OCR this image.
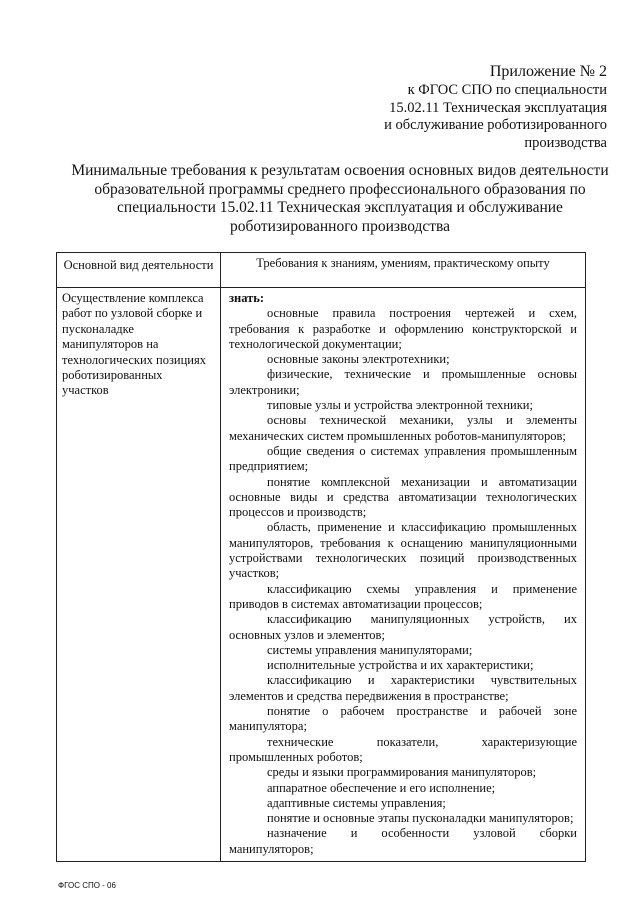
Приложение № 2
к ФГОС СПО по специальности
15.02.11 Техническая эксплуатация
и обслуживание роботизированного
производства
Минимальные требования к результатам освоения основных видов деятельности
образовательной программы среднего профессионального образования по
специальности 15.02.11 Техническая эксплуатация и обслуживание
роботизированного производства
Основной вид деятельности	Требования к знаниям, умениям, практическому опыту
Осуществление комплекса
работ по узловой сборке и
пусконаладке
манипуляторов на
технологических позициях
роботизированных
участков
знать:
основные правила построения чертежей и схем, требования к разработке и оформлению конструкторской и технологической документации;
основные законы электротехники;
физические, технические и промышленные основы электроники;
типовые узлы и устройства электронной техники;
основы технической механики, узлы и элементы механических систем промышленных роботов-манипуляторов;
общие сведения о системах управления промышленным предприятием;
понятие комплексной механизации и автоматизации основные виды и средства автоматизации технологических процессов и производств;
область, применение и классификацию промышленных манипуляторов, требования к оснащению манипуляционными устройствами технологических позиций производственных участков;
классификацию схемы управления и применение приводов в системах автоматизации процессов;
классификацию манипуляционных устройств, их основных узлов и элементов;
системы управления манипуляторами;
исполнительные устройства и их характеристики;
классификацию и характеристики чувствительных элементов и средства передвижения в пространстве;
понятие о рабочем пространстве и рабочей зоне манипулятора;
технические показатели, характеризующие промышленных роботов;
среды и языки программирования манипуляторов;
аппаратное обеспечение и его исполнение;
адаптивные системы управления;
понятие и основные этапы пусконаладки манипуляторов;
назначение и особенности узловой сборки манипуляторов;
ФГОС СПО - 06
